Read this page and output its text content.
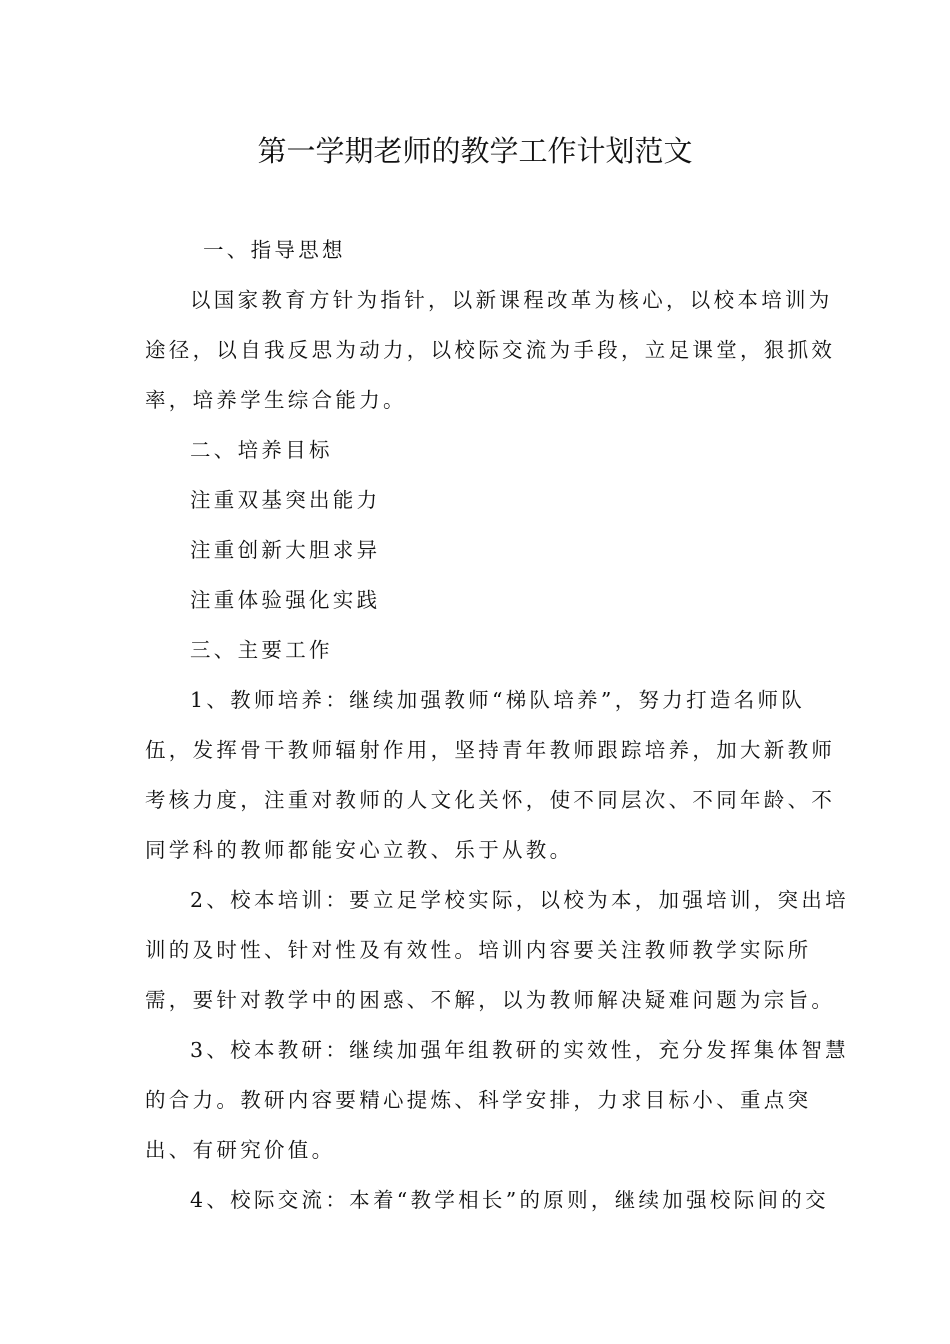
第一学期老师的教学工作计划范文

一、指导思想

以国家教育方针为指针，以新课程改革为核心，以校本培训为

途径，以自我反思为动力，以校际交流为手段，立足课堂，狠抓效

率，培养学生综合能力。

二、培养目标

注重双基突出能力

注重创新大胆求异

注重体验强化实践

三、主要工作

1、教师培养：继续加强教师“梯队培养”，努力打造名师队

伍，发挥骨干教师辐射作用，坚持青年教师跟踪培养，加大新教师

考核力度，注重对教师的人文化关怀，使不同层次、不同年龄、不

同学科的教师都能安心立教、乐于从教。

2、校本培训：要立足学校实际，以校为本，加强培训，突出培

训的及时性、针对性及有效性。培训内容要关注教师教学实际所

需，要针对教学中的困惑、不解，以为教师解决疑难问题为宗旨。

3、校本教研：继续加强年组教研的实效性，充分发挥集体智慧

的合力。教研内容要精心提炼、科学安排，力求目标小、重点突

出、有研究价值。

4、校际交流：本着“教学相长”的原则，继续加强校际间的交
